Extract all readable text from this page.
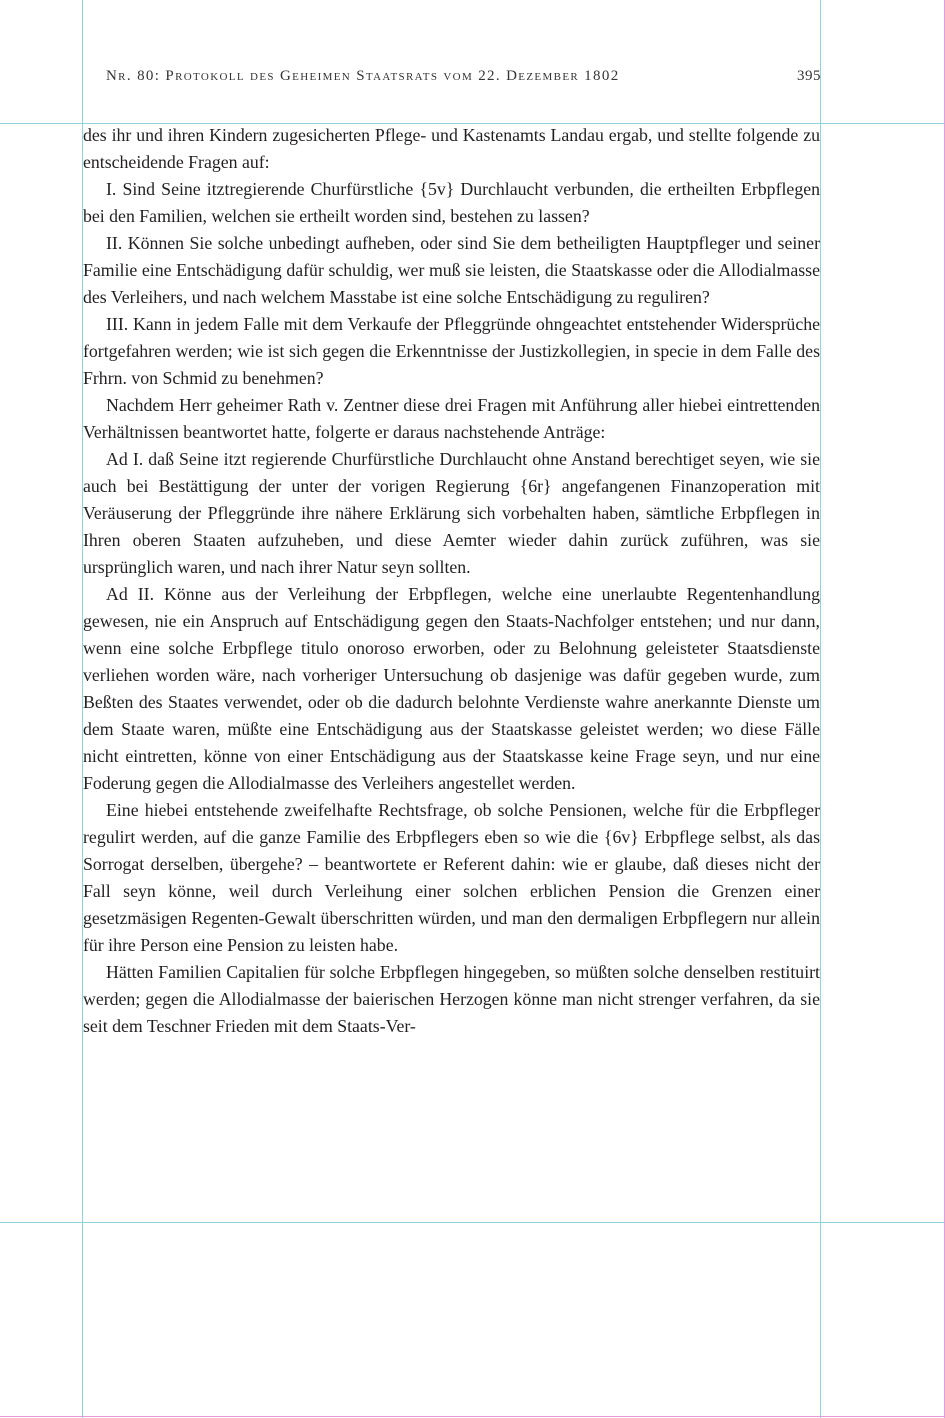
Nr. 80: Protokoll des Geheimen Staatsrats vom 22. Dezember 1802	395

des ihr und ihren Kindern zugesicherten Pflege- und Kastenamts Landau ergab, und stellte folgende zu entscheidende Fragen auf:

I. Sind Seine itztregierende Churfürstliche {5v} Durchlaucht verbunden, die ertheilten Erbpflegen bei den Familien, welchen sie ertheilt worden sind, bestehen zu lassen?

II. Können Sie solche unbedingt aufheben, oder sind Sie dem betheiligten Hauptpfleger und seiner Familie eine Entschädigung dafür schuldig, wer muß sie leisten, die Staatskasse oder die Allodialmasse des Verleihers, und nach welchem Masstabe ist eine solche Entschädigung zu reguliren?

III. Kann in jedem Falle mit dem Verkaufe der Pfleggründe ohngeachtet entstehender Widersprüche fortgefahren werden; wie ist sich gegen die Erkenntnisse der Justizkollegien, in specie in dem Falle des Frhrn. von Schmid zu benehmen?

Nachdem Herr geheimer Rath v. Zentner diese drei Fragen mit Anführung aller hiebei eintrettenden Verhältnissen beantwortet hatte, folgerte er daraus nachstehende Anträge:

Ad I. daß Seine itzt regierende Churfürstliche Durchlaucht ohne Anstand berechtiget seyen, wie sie auch bei Bestättigung der unter der vorigen Regierung {6r} angefangenen Finanzoperation mit Veräuserung der Pfleggründe ihre nähere Erklärung sich vorbehalten haben, sämtliche Erbpflegen in Ihren oberen Staaten aufzuheben, und diese Aemter wieder dahin zurück zuführen, was sie ursprünglich waren, und nach ihrer Natur seyn sollten.

Ad II. Könne aus der Verleihung der Erbpflegen, welche eine unerlaubte Regentenhandlung gewesen, nie ein Anspruch auf Entschädigung gegen den Staats-Nachfolger entstehen; und nur dann, wenn eine solche Erbpflege titulo onoroso erworben, oder zu Belohnung geleisteter Staatsdienste verliehen worden wäre, nach vorheriger Untersuchung ob dasjenige was dafür gegeben wurde, zum Beßten des Staates verwendet, oder ob die dadurch belohnte Verdienste wahre anerkannte Dienste um dem Staate waren, müßte eine Entschädigung aus der Staatskasse geleistet werden; wo diese Fälle nicht eintretten, könne von einer Entschädigung aus der Staatskasse keine Frage seyn, und nur eine Foderung gegen die Allodialmasse des Verleihers angestellet werden.

Eine hiebei entstehende zweifelhafte Rechtsfrage, ob solche Pensionen, welche für die Erbpfleger regulirt werden, auf die ganze Familie des Erbpflegers eben so wie die {6v} Erbpflege selbst, als das Sorrogat derselben, übergehe? – beantwortete er Referent dahin: wie er glaube, daß dieses nicht der Fall seyn könne, weil durch Verleihung einer solchen erblichen Pension die Grenzen einer gesetzmäsigen Regenten-Gewalt überschritten würden, und man den dermaligen Erbpflegern nur allein für ihre Person eine Pension zu leisten habe.

Hätten Familien Capitalien für solche Erbpflegen hingegeben, so müßten solche denselben restituirt werden; gegen die Allodialmasse der baierischen Herzogen könne man nicht strenger verfahren, da sie seit dem Teschner Frieden mit dem Staats-Ver-
